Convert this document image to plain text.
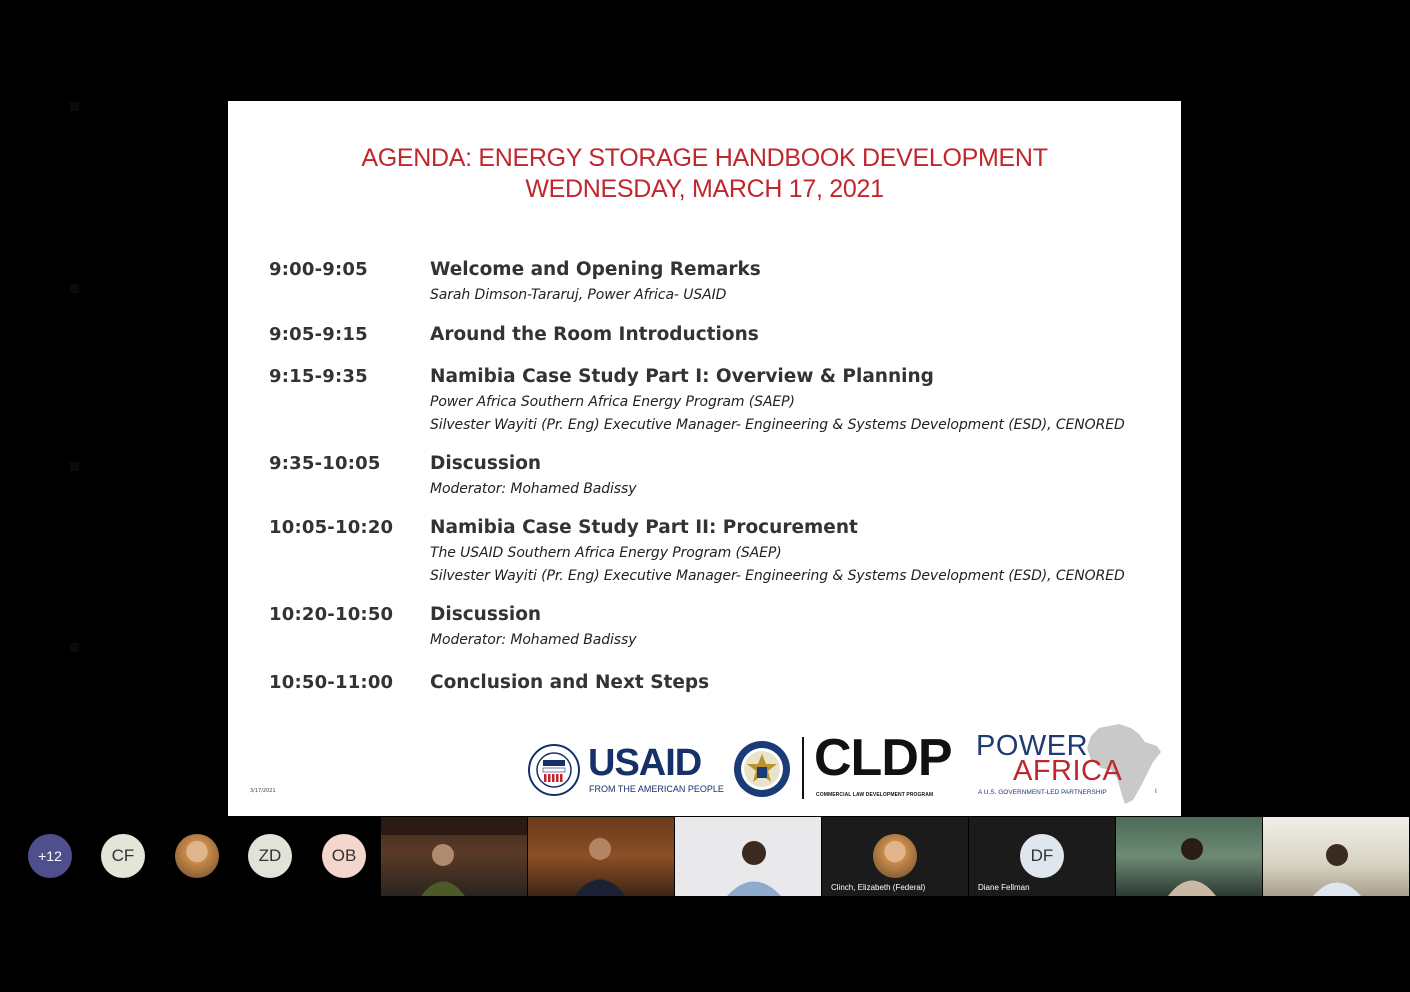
AGENDA: ENERGY STORAGE HANDBOOK DEVELOPMENT
WEDNESDAY, MARCH 17, 2021
9:00-9:05	Welcome and Opening Remarks
Sarah Dimson-Tararuj, Power Africa- USAID
9:05-9:15	Around the Room Introductions
9:15-9:35	Namibia Case Study Part I: Overview & Planning
Power Africa Southern Africa Energy Program (SAEP)
Silvester Wayiti (Pr. Eng) Executive Manager- Engineering & Systems Development (ESD), CENORED
9:35-10:05	Discussion
Moderator: Mohamed Badissy
10:05-10:20 Namibia Case Study Part II: Procurement
The USAID Southern Africa Energy Program (SAEP)
Silvester Wayiti (Pr. Eng) Executive Manager- Engineering & Systems Development (ESD), CENORED
10:20-10:50 Discussion
Moderator: Mohamed Badissy
10:50-11:00 Conclusion and Next Steps
3/17/2021
USAID
FROM THE AMERICAN PEOPLE
CLDP
COMMERCIAL LAW DEVELOPMENT PROGRAM
POWER
AFRICA
A U.S. GOVERNMENT-LED PARTNERSHIP	I
+12	CF	ZD	OB
Clinch, Elizabeth (Federal)
DF
Diane Fellman
